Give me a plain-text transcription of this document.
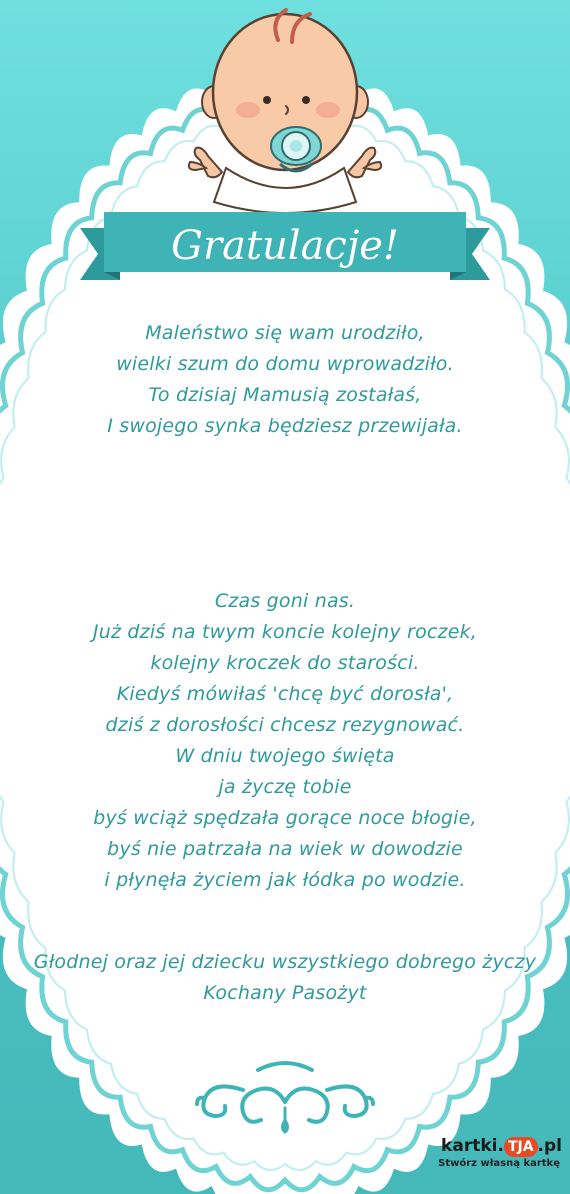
Gratulacje!
Maleństwo się wam urodziło,
wielki szum do domu wprowadziło.
To dzisiaj Mamusią zostałaś,
I swojego synka będziesz przewijała.
Czas goni nas.
Już dziś na twym koncie kolejny roczek,
kolejny kroczek do starości.
Kiedyś mówiłaś 'chcę być dorosła',
dziś z dorosłości chcesz rezygnować.
W dniu twojego święta
ja życzę tobie
byś wciąż spędzała gorące noce błogie,
byś nie patrzała na wiek w dowodzie
i płynęła życiem jak łódka po wodzie.
Głodnej oraz jej dziecku wszystkiego dobrego życzy
Kochany Pasożyt
kartki. TJA .pl
Stwórz własną kartkę
